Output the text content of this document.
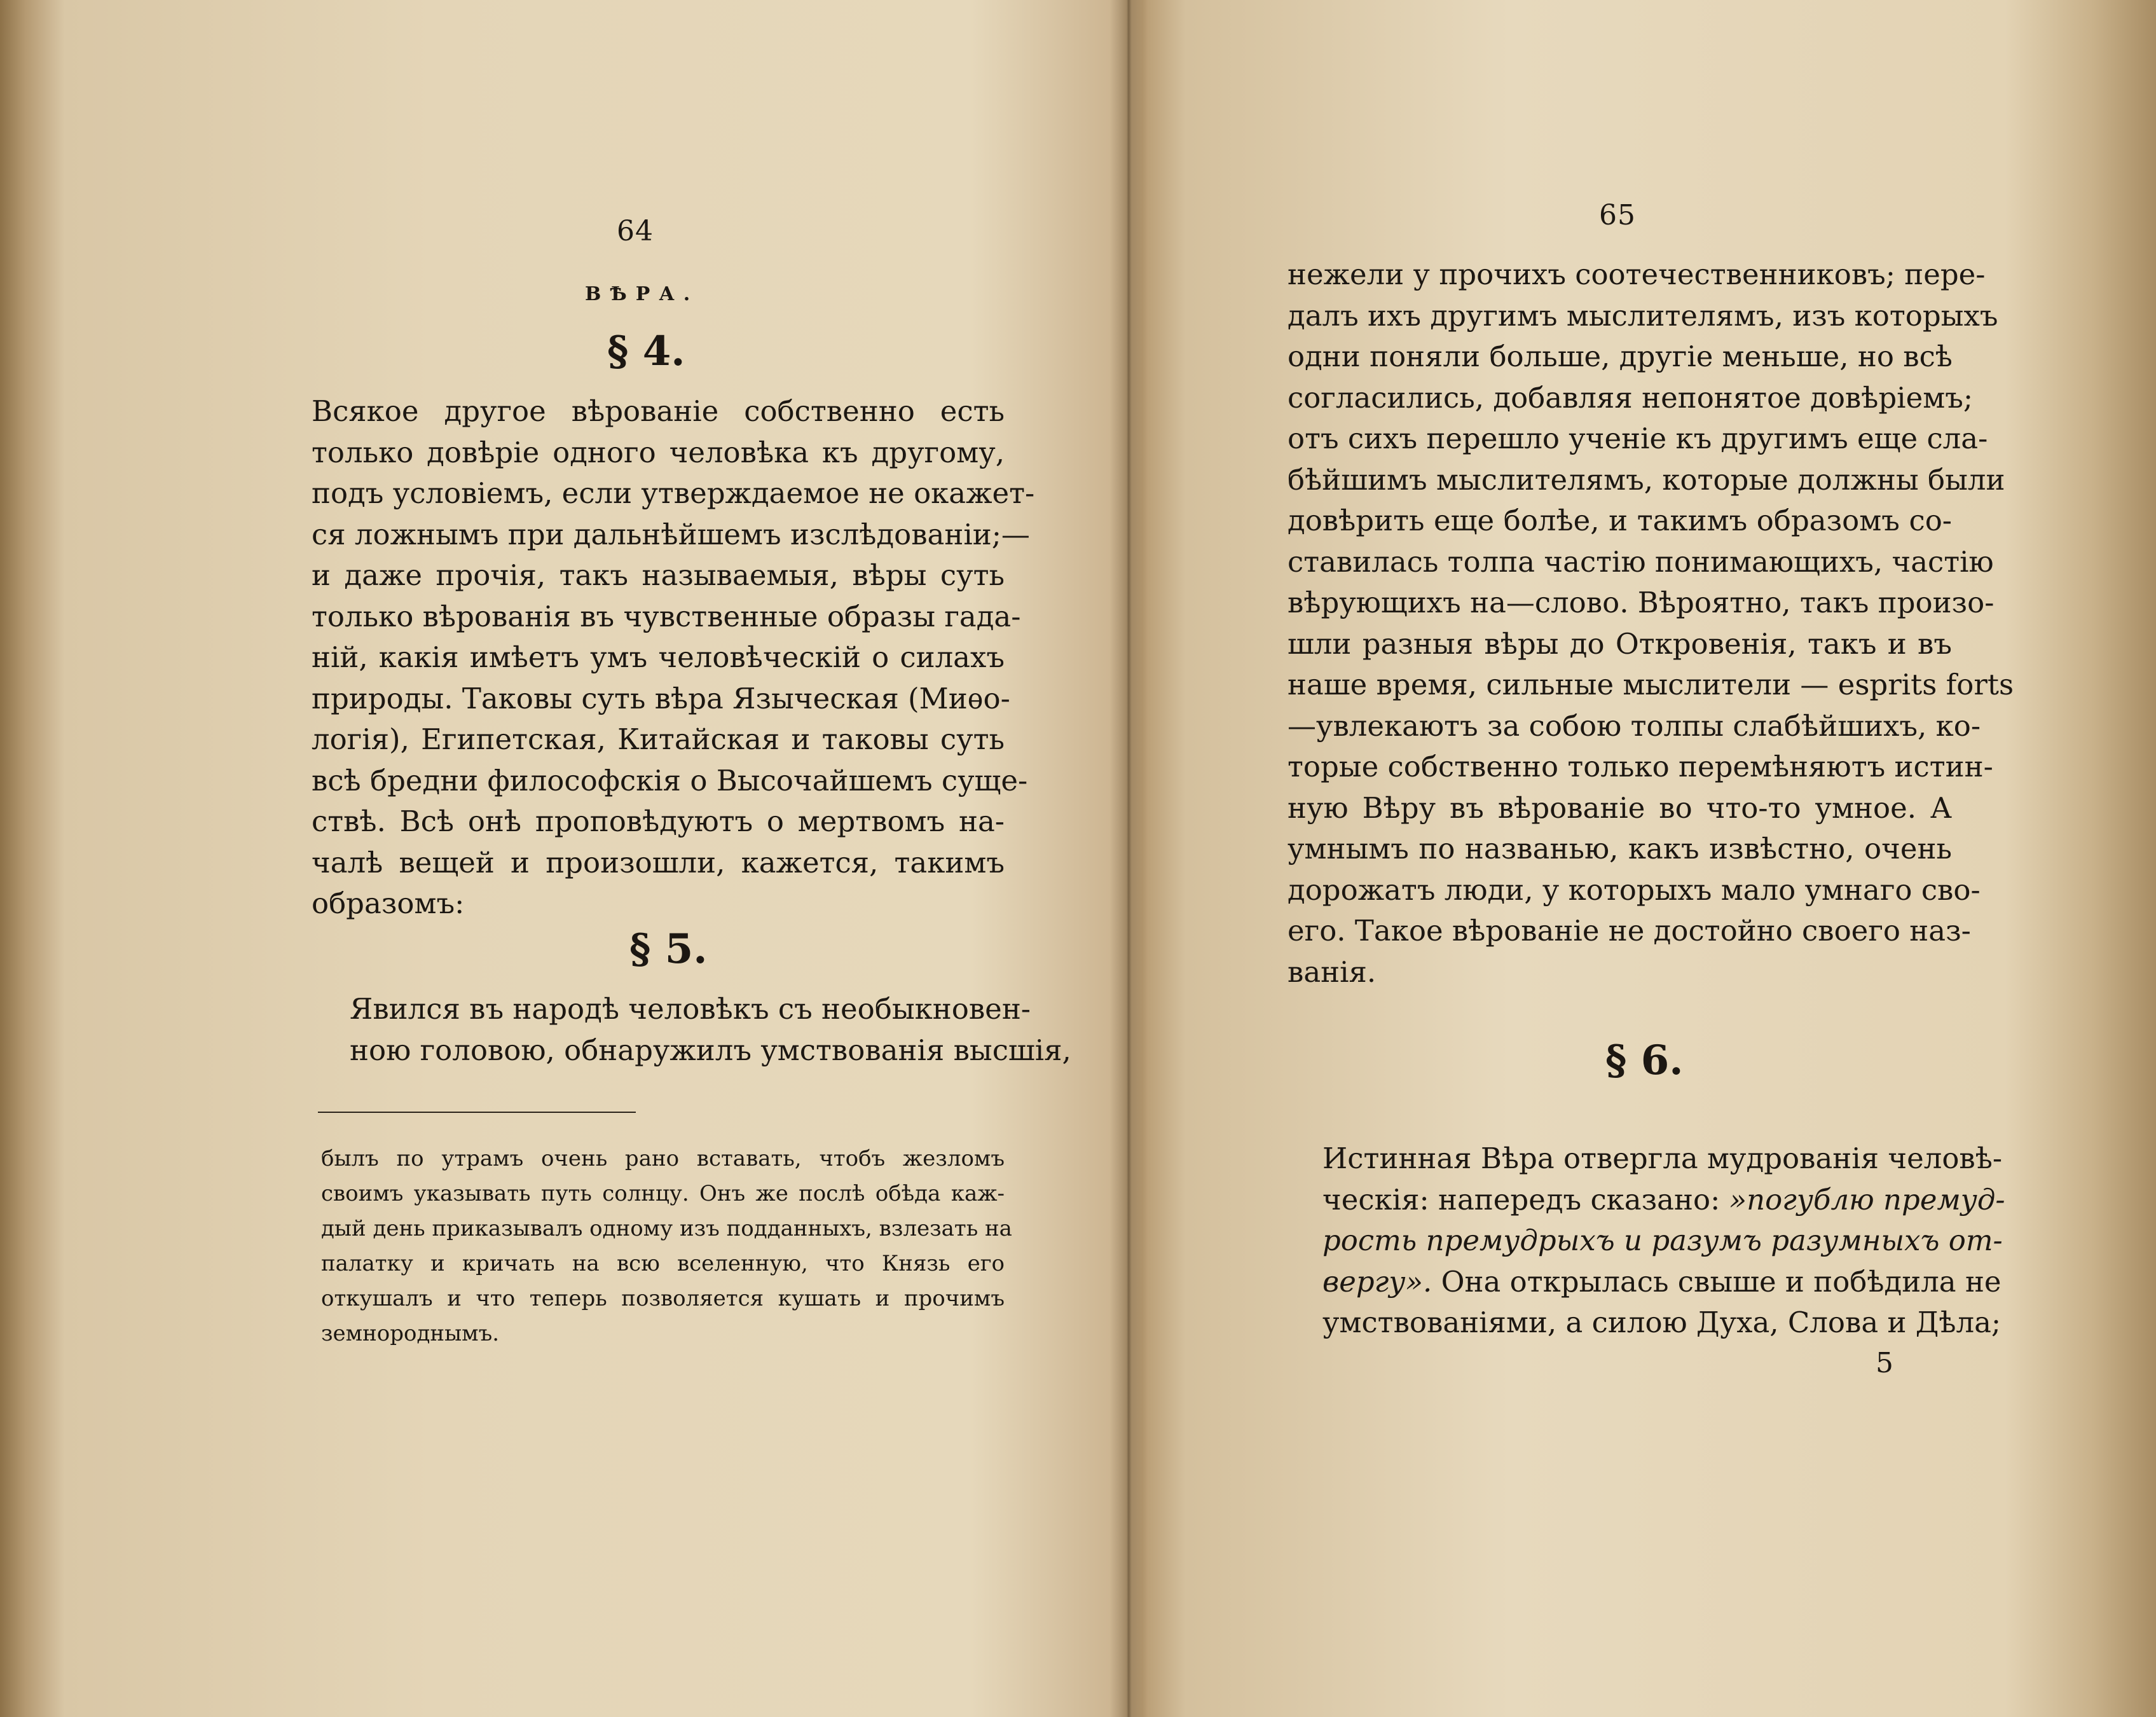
64
ВѢРА.
§ 4.
Всякое другое вѣрованіе собственно есть
только довѣріе одного человѣка къ другому,
подъ условіемъ, если утверждаемое не окажет-
ся ложнымъ при дальнѣйшемъ изслѣдованіи;—
и даже прочія, такъ называемыя, вѣры суть
только вѣрованія въ чувственные образы гада-
ній, какія имѣетъ умъ человѣческій о силахъ
природы. Таковы суть вѣра Языческая (Миѳо-
логія), Египетская, Китайская и таковы суть
всѣ бредни философскія о Высочайшемъ суще-
ствѣ. Всѣ онѣ проповѣдуютъ о мертвомъ на-
чалѣ вещей и произошли, кажется, такимъ
образомъ:
§ 5.
Явился въ народѣ человѣкъ съ необыкновен-
ною головою, обнаружилъ умствованія высшія,
былъ по утрамъ очень рано вставать, чтобъ жезломъ
своимъ указывать путь солнцу. Онъ же послѣ обѣда каж-
дый день приказывалъ одному изъ подданныхъ, взлезать на
палатку и кричать на всю вселенную, что Князь его
откушалъ и что теперь позволяется кушать и прочимъ
земнороднымъ.
65
нежели у прочихъ соотечественниковъ; пере-
далъ ихъ другимъ мыслителямъ, изъ которыхъ
одни поняли больше, другіе меньше, но всѣ
согласились, добавляя непонятое довѣріемъ;
отъ сихъ перешло ученіе къ другимъ еще сла-
бѣйшимъ мыслителямъ, которые должны были
довѣрить еще болѣе, и такимъ образомъ со-
ставилась толпа частію понимающихъ, частію
вѣрующихъ на—слово. Вѣроятно, такъ произо-
шли разныя вѣры до Откровенія, такъ и въ
наше время, сильные мыслители — esprits forts
—увлекаютъ за собою толпы слабѣйшихъ, ко-
торые собственно только перемѣняютъ истин-
ную Вѣру въ вѣрованіе во что-то умное. А
умнымъ по названью, какъ извѣстно, очень
дорожатъ люди, у которыхъ мало умнаго сво-
его. Такое вѣрованіе не достойно своего наз-
ванія.
§ 6.
Истинная Вѣра отвергла мудрованія человѣ-
ческія: напередъ сказано: »погублю премуд-
рость премудрыхъ и разумъ разумныхъ от-
вергу». Она открылась свыше и побѣдила не
умствованіями, а силою Духа, Слова и Дѣла;
5
